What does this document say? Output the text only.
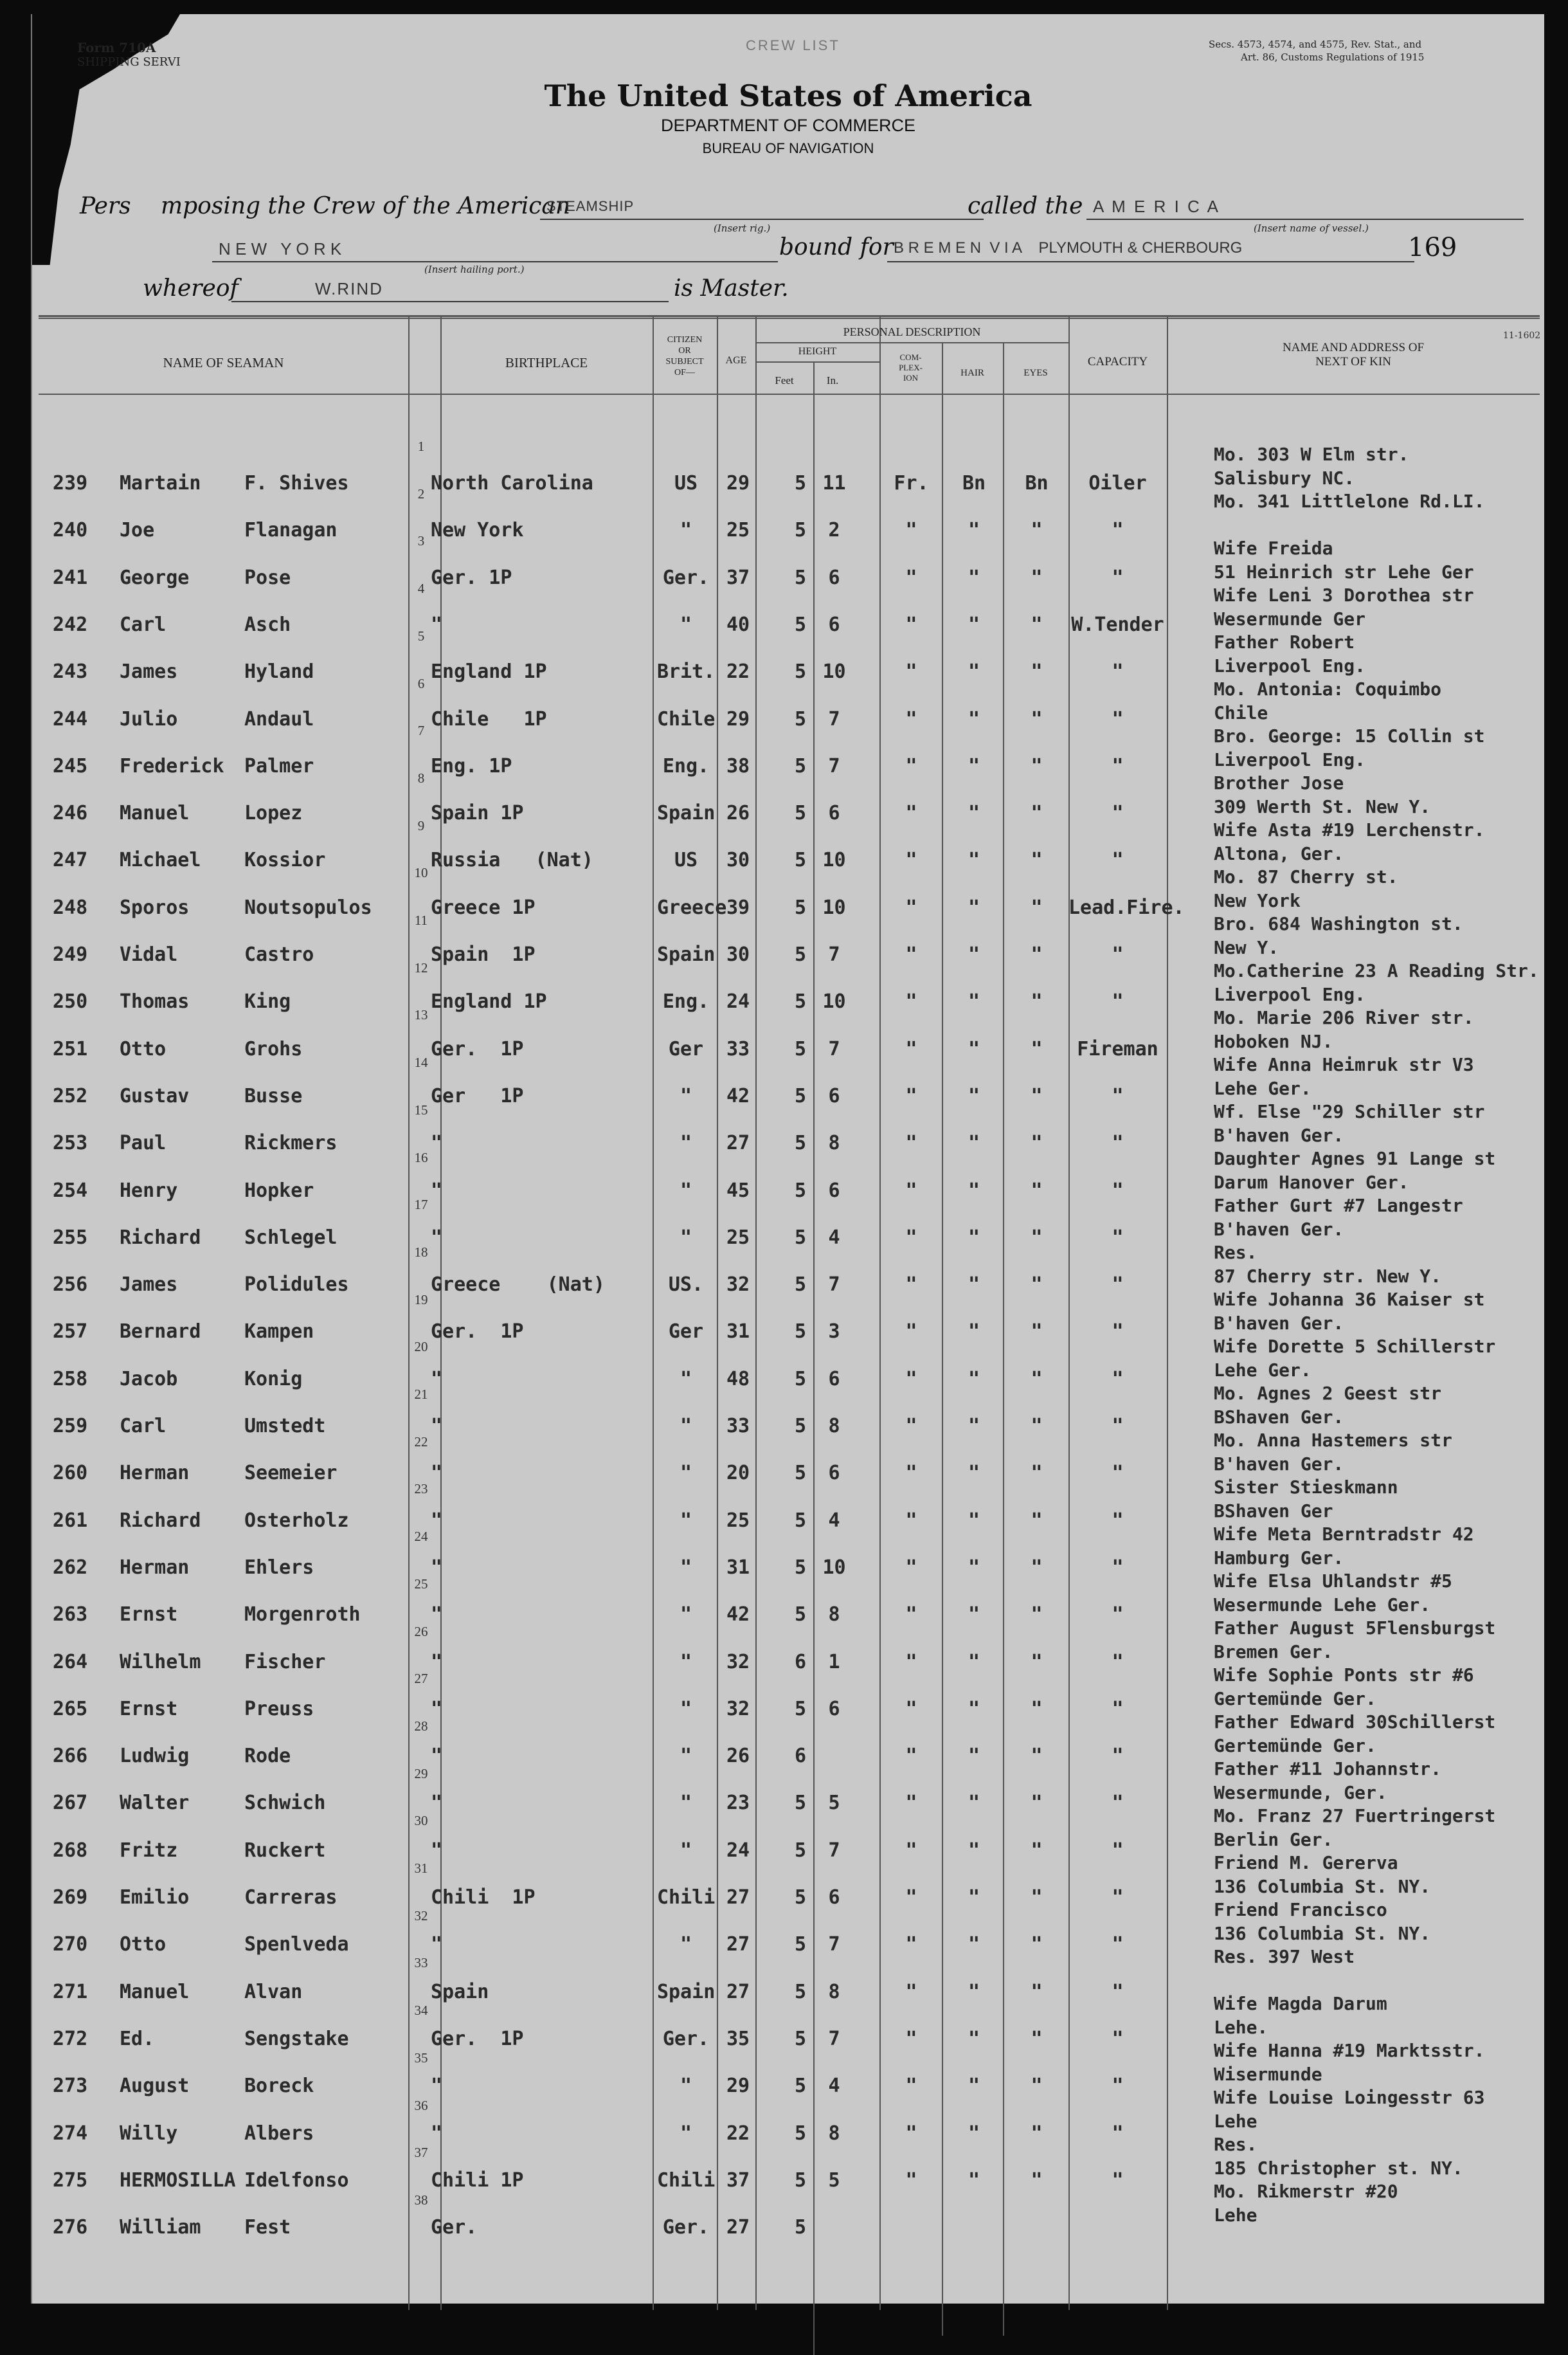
Form 710A
SHIPPING SERVI
CREW LIST	Secs. 4573, 4574, and 4575, Rev. Stat., and
Art. 86, Customs Regulations of 1915
The United States of America
DEPARTMENT OF COMMERCE
BUREAU OF NAVIGATION
Pers mposing the Crew of the American
STEAMSHIP
(Insert rig.)
called the A M E R I C A
(Insert name of vessel.)
N E W   Y O R K
(Insert hailing port.)
bound for B R E M E N  V I A    PLYMOUTH & CHERBOURG	169
whereof	W.RIND	is Master.
11-1602
NAME OF SEAMAN	BIRTHPLACE
CITIZEN
OR
SUBJECT
OF—
AGE
PERSONAL DESCRIPTION
HEIGHT
Feet	In.
COM-
PLEX-
ION	HAIR	EYES
CAPACITY
NAME AND ADDRESS OF
NEXT OF KIN
1
2
3
4
5
6
7
8
9
10
11
12
13
14
15
16
17
18
19
20
21
22
23
24
25
26
27
28
29
30
31
32
33
34
35
36
37
38
239 Martain F. Shives	North Carolina	US	29	5 11	Fr.	Bn	Bn	Oiler
240 Joe	Flanagan	New York	"	25	5	2	"	"	"	"
241 George	Pose	Ger. 1P	Ger. 37	5	6	"	"	"	"
242 Carl	Asch	"	"	40	5	6	"	"	"	W.Tender
243 James	Hyland	England 1P	Brit. 22	5 10	"	"	"	"
244 Julio	Andaul	Chile   1P	Chile 29	5	7	"	"	"	"
245 Frederick Palmer	Eng. 1P	Eng. 38	5	7	"	"	"	"
246 Manuel	Lopez	Spain 1P	Spain 26	5	6	"	"	"	"
247 Michael Kossior	Russia   (Nat)	US	30	5 10	"	"	"	"
248 Sporos	Noutsopulos	Greece 1P	Greece 39	5 10	"	"	"	Lead.Fire.
249 Vidal	Castro	Spain  1P	Spain 30	5	7	"	"	"	"
250 Thomas	King	England 1P	Eng. 24	5 10	"	"	"	"
251 Otto	Grohs	Ger.  1P	Ger	33	5	7	"	"	"	Fireman
252 Gustav	Busse	Ger   1P	"	42	5	6	"	"	"	"
253 Paul	Rickmers	"	"	27	5	8	"	"	"	"
254 Henry	Hopker	"	"	45	5	6	"	"	"	"
255 Richard Schlegel	"	"	25	5	4	"	"	"	"
256 James	Polidules	Greece    (Nat)	US.	32	5	7	"	"	"	"
257 Bernard Kampen	Ger.  1P	Ger	31	5	3	"	"	"	"
258 Jacob	Konig	"	"	48	5	6	"	"	"	"
259 Carl	Umstedt	"	"	33	5	8	"	"	"	"
260 Herman	Seemeier	"	"	20	5	6	"	"	"	"
261 Richard Osterholz	"	"	25	5	4	"	"	"	"
262 Herman	Ehlers	"	"	31	5 10	"	"	"	"
263 Ernst	Morgenroth	"	"	42	5	8	"	"	"	"
264 Wilhelm Fischer	"	"	32	6	1	"	"	"	"
265 Ernst	Preuss	"	"	32	5	6	"	"	"	"
266 Ludwig	Rode	"	"	26	6	"	"	"	"
267 Walter	Schwich	"	"	23	5	5	"	"	"	"
268 Fritz	Ruckert	"	"	24	5	7	"	"	"	"
269 Emilio	Carreras	Chili  1P	Chili 27	5	6	"	"	"	"
270 Otto	Spenlveda	"	"	27	5	7	"	"	"	"
271 Manuel	Alvan	Spain	Spain 27	5	8	"	"	"	"
272 Ed.	Sengstake	Ger.  1P	Ger. 35	5	7	"	"	"	"
273 August	Boreck	"	"	29	5	4	"	"	"	"
274 Willy	Albers	"	"	22	5	8	"	"	"	"
275 HERMOSILLA Idelfonso	Chili 1P	Chili 37	5	5	"	"	"	"
276 William Fest	Ger.	Ger. 27	5
Mo. 303 W Elm str.
Salisbury NC.
Mo. 341 Littlelone Rd.LI.
Wife Freida
51 Heinrich str Lehe Ger
Wife Leni 3 Dorothea str
Wesermunde Ger
Father Robert
Liverpool Eng.
Mo. Antonia: Coquimbo
Chile
Bro. George: 15 Collin st
Liverpool Eng.
Brother Jose
309 Werth St. New Y.
Wife Asta #19 Lerchenstr.
Altona, Ger.
Mo. 87 Cherry st.
New York
Bro. 684 Washington st.
New Y.
Mo.Catherine 23 A Reading Str.
Liverpool Eng.
Mo. Marie 206 River str.
Hoboken NJ.
Wife Anna Heimruk str V3
Lehe Ger.
Wf. Else "29 Schiller str
B'haven Ger.
Daughter Agnes 91 Lange st
Darum Hanover Ger.
Father Gurt #7 Langestr
B'haven Ger.
Res.
87 Cherry str. New Y.
Wife Johanna 36 Kaiser st
B'haven Ger.
Wife Dorette 5 Schillerstr
Lehe Ger.
Mo. Agnes 2 Geest str
BShaven Ger.
Mo. Anna Hastemers str
B'haven Ger.
Sister Stieskmann
BShaven Ger
Wife Meta Berntradstr 42
Hamburg Ger.
Wife Elsa Uhlandstr #5
Wesermunde Lehe Ger.
Father August 5Flensburgst
Bremen Ger.
Wife Sophie Ponts str #6
Gertemünde Ger.
Father Edward 30Schillerst
Gertemünde Ger.
Father #11 Johannstr.
Wesermunde, Ger.
Mo. Franz 27 Fuertringerst
Berlin Ger.
Friend M. Gererva
136 Columbia St. NY.
Friend Francisco
136 Columbia St. NY.
Res. 397 West
Wife Magda Darum
Lehe.
Wife Hanna #19 Marktsstr.
Wisermunde
Wife Louise Loingesstr 63
Lehe
Res.
185 Christopher st. NY.
Mo. Rikmerstr #20
Lehe
